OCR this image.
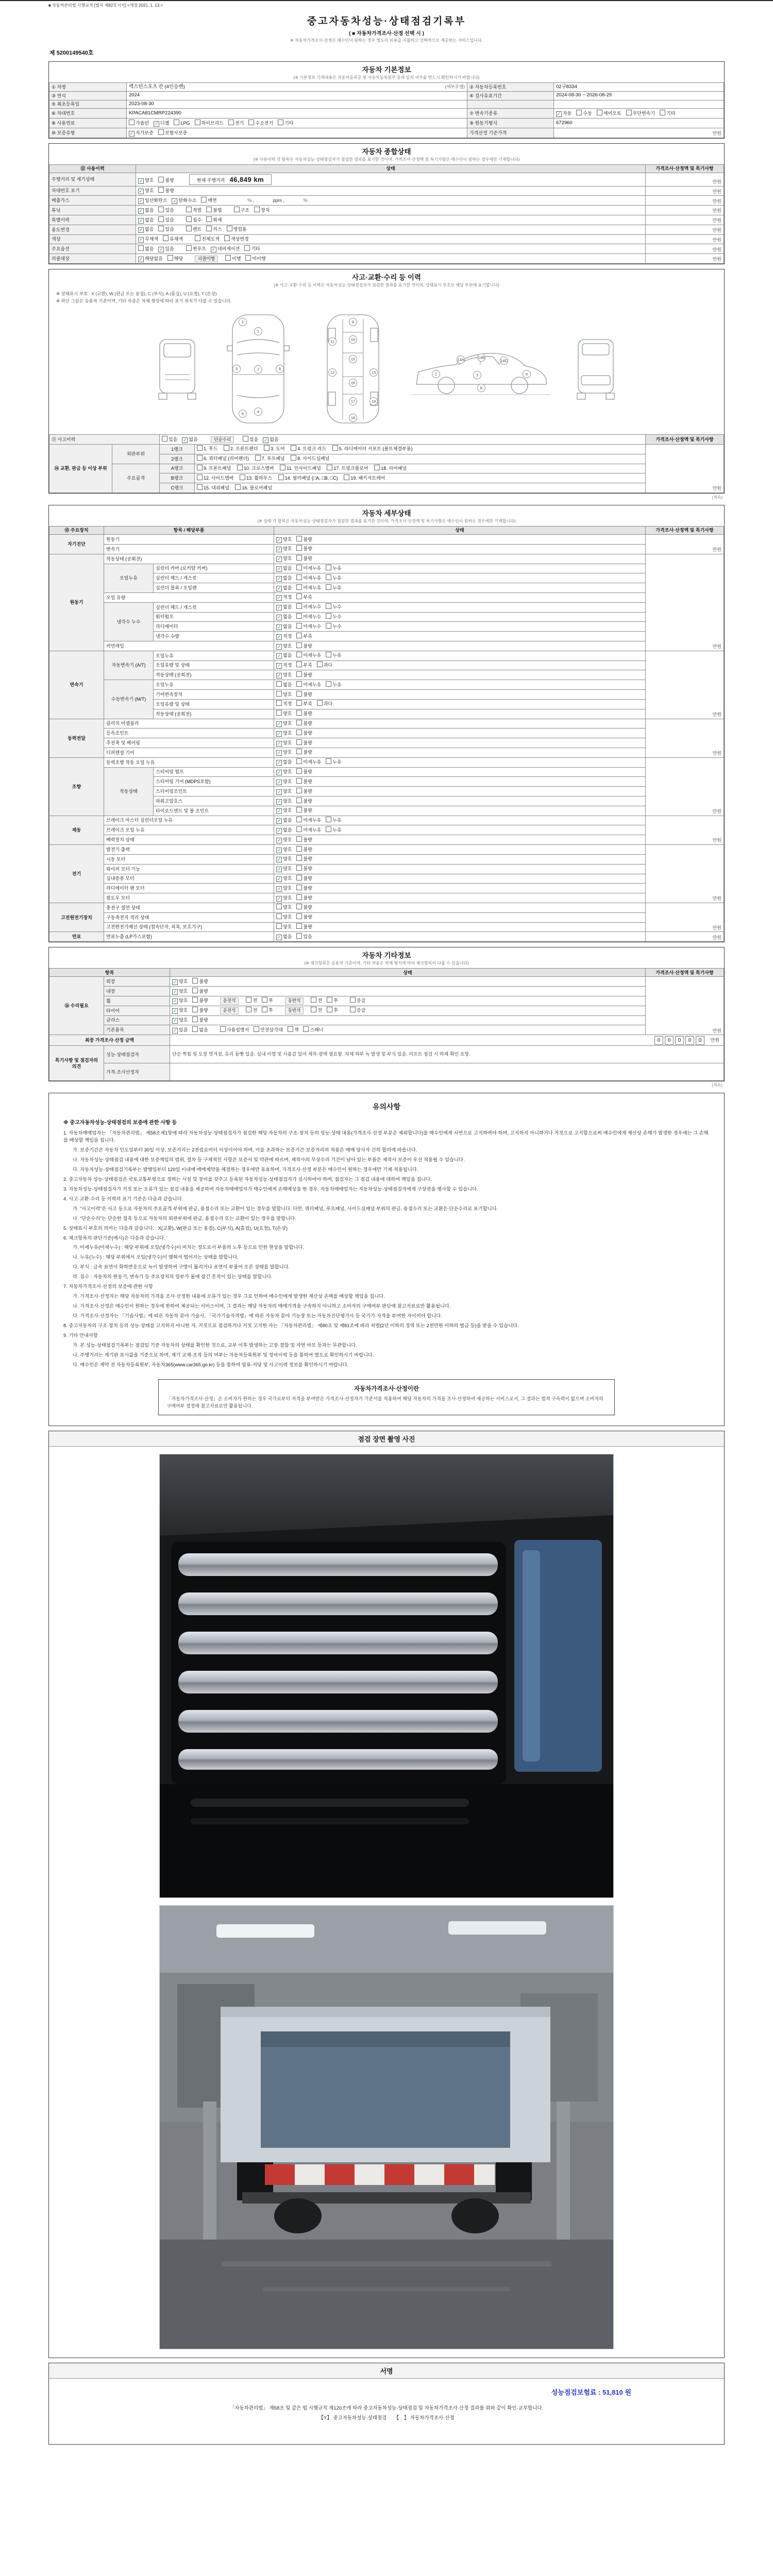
■ 자동차관리법 시행규칙 [별지 제82호서식] <개정 2021. 1. 13.>
중고자동차성능·상태점검기록부
( ■ 자동차가격조사·산정 선택 시 )
※ 자동차가격조사·산정은 매수인이 원하는 경우 별도의 비용을 지불하고 선택적으로 제공받는 서비스입니다.
제 5200149540호
자동차 기본정보
(※ 기본정보 기재내용은 자동차등록증 및 자동차등록원부 등과 일치 여부를 반드시 확인하시기 바랍니다)
① 차명	렉스턴스포츠 칸 (4인승밴) (세부모델)	② 자동차등록번호	02구8334
③ 연식	2024	④ 검사유효기간	2024-08-30 ~ 2026-08-29
⑤ 최초등록일	2023-08-30		
⑥ 차대번호	KPACA81CMRP224390	⑦ 변속기종류	✓ 자동 수동 세미오토 무단변속기 기타
⑧ 사용연료	가솔린 ✓ 디젤 LPG 하이브리드 전기 수소전기 기타	⑨ 원동기형식	672960
⑩ 보증유형	✓ 자가보증 보험사보증	가격산정 기준가격	만원
자동차 종합상태
(※ 사용이력 각 항목은 자동차성능·상태점검자가 점검한 결과를 표기한 것이며, 가격조사·산정액 및 특기사항은 매수인이 원하는 경우에만 기재합니다)
⑫ 사용이력	상태	가격조사·산정액 및 특기사항
주행거리 및 계기상태	✓ 양호 불량 현재 주행거리　46,849 km	만원
차대번호 표기	✓ 양호 불량	만원
배출가스	✓ 일산화탄소 ✓ 탄화수소 매연 　　　　％ ,　　　　ppm ,　　　　％	만원
튜닝	✓ 없음 있음 적법 불법 구조 장치	만원
특별이력	✓ 없음 있음 침수 화재	만원
용도변경	✓ 없음 있음 렌트 리스 영업용	만원
색상	✓ 무채색 유채색 전체도색 색상변경	만원
주요옵션	없음 ✓ 있음 썬루프 ✓ 네비게이션 기타	만원
리콜대상	✓ 해당없음 해당 리콜이행 이행 미이행	만원
사고·교환·수리 등 이력
(※ 사고·교환·수리 등 이력은 자동차성능·상태점검자가 점검한 결과를 표기한 것이며, 상태표시 부호로 해당 부위에 표기합니다)
※ 상태표시 부호 : X (교환), W (판금 또는 용접), C (부식), A (흠집), U (요철), T (손상)
※ 하단 그림은 승용차 기준이며, 기타 차종은 차체 형상에 따라 표기 위치가 다를 수 있습니다.
1
2
3
4
6
7	8
9
10
11
12	13
15
16
17
18
19
2	3	6
8
14A	14B
14C
⑬ 사고이력		있음 ✓ 없음 단순수리 있음 ✓ 없음		가격조사·산정액 및 특기사항
⑭ 교환, 판금 등 이상 부위	외판부위	1랭크	1. 후드 2. 프론트펜더 3. 도어 4. 트렁크 리드 5. 라디에이터 서포트 (볼트체결부품)	만원
		2랭크	6. 쿼터패널 (리어펜더) 7. 루프패널 8. 사이드실패널	
	주요골격	A랭크	9. 프론트패널 10. 크로스멤버 11. 인사이드패널 17. 트렁크플로어 18. 리어패널	
		B랭크	12. 사이드멤버 13. 휠하우스 14. 필러패널 (□A, □B, □C) 19. 패키지트레이	
		C랭크	15. 대쉬패널 16. 플로어패널	
(계속)
자동차 세부상태
(※ 상태 각 항목은 자동차성능·상태점검자가 점검한 결과를 표기한 것이며, 가격조사·산정액 및 특기사항은 매수인이 원하는 경우에만 기재합니다)
⑮ 주요장치	항목 / 해당부품		상태	가격조사·산정액 및 특기사항
자기진단	원동기		✓ 양호 불량	만원
	변속기		✓ 양호 불량	
원동기	작동상태 (공회전)		✓ 양호 불량	만원
	오일누유	실린더 커버 (로커암 커버)	✓ 없음 미세누유 누유	
		실린더 헤드 / 개스킷	✓ 없음 미세누유 누유	
		실린더 블록 / 오일팬	✓ 없음 미세누유 누유	
	오일 유량		✓ 적정 부족	
	냉각수 누수	실린더 헤드 / 개스킷	✓ 없음 미세누수 누수	
		워터펌프	✓ 없음 미세누수 누수	
		라디에이터	✓ 없음 미세누수 누수	
		냉각수 수량	✓ 적정 부족	
	커먼레일		✓ 양호 불량	
변속기	자동변속기 (A/T)	오일누유	✓ 없음 미세누유 누유	만원
		오일유량 및 상태	✓ 적정 부족 과다	
		작동상태 (공회전)	✓ 양호 불량	
	수동변속기 (M/T)	오일누유	없음 미세누유 누유	
		기어변속장치	양호 불량	
		오일유량 및 상태	적정 부족 과다	
		작동상태 (공회전)	양호 불량	
동력전달	클러치 어셈블리		✓ 양호 불량	만원
	등속조인트		✓ 양호 불량	
	추진축 및 베어링		✓ 양호 불량	
	디퍼렌셜 기어		✓ 양호 불량	
조향	동력조향 작동 오일 누유		✓ 없음 미세누유 누유	만원
	작동상태	스티어링 펌프	✓ 양호 불량	
		스티어링 기어 (MDPS포함)	✓ 양호 불량	
		스티어링조인트	✓ 양호 불량	
		파워고압호스	✓ 양호 불량	
		타이로드엔드 및 볼 조인트	✓ 양호 불량	
제동	브레이크 마스터 실린더오일 누유		✓ 없음 미세누유 누유	만원
	브레이크 오일 누유		✓ 없음 미세누유 누유	
	배력장치 상태		✓ 양호 불량	
전기	발전기 출력		✓ 양호 불량	만원
	시동 모터		✓ 양호 불량	
	와이퍼 모터 기능		✓ 양호 불량	
	실내송풍 모터		✓ 양호 불량	
	라디에이터 팬 모터		✓ 양호 불량	
	윈도우 모터		✓ 양호 불량	
고전원전기장치	충전구 절연 상태		양호 불량	만원
	구동축전지 격리 상태		양호 불량	
	고전원전기배선 상태 (접속단자, 피복, 보호기구)		양호 불량	
연료	연료누출 (LP가스포함)		✓ 없음 있음	만원
자동차 기타정보
(※ 체크항목은 승용차 기준이며, 기타 차종은 차체 형식에 따라 체크항목이 다를 수 있습니다)
항목		상태	가격조사·산정액 및 특기사항
⑯ 수리필요	외장	✓ 양호 불량	만원
	내장	✓ 양호 불량	
	휠	✓ 양호 불량 운전석 전 후 동반석 전 후 응급	
	타이어	✓ 양호 불량 운전석 전 후 동반석 전 후 응급	
	글라스	✓ 양호 불량	
	기본품목	✓ 있음 없음 사용설명서 안전삼각대 잭 스패너	
최종 가격조사·산정 금액		0 0 0 0 0 　만원	
특기사항 및 점검자의 의견	성능·상태점검자	단순 찍힘 및 도장 벗겨짐, 유리 돌빵 있음. 실내 이염 및 사용감 있어 세차·광택 필요함. 차체 하부 녹 발생 및 부식 있음. 리프트 점검 시 하체 확인 요망.	
	가격·조사산정자		
(계속)
유의사항
※ 중고자동차성능·상태점검의 보증에 관한 사항 등
1. 자동차매매업자는 「자동차관리법」 제58조제1항에 따라 자동차성능·상태점검자가 점검한 해당 자동차의 구조·장치 등의 성능·상태 내용(가격조사·산정 부분은 제외합니다)을 매수인에게 서면으로 고지하여야 하며, 고지하지 아니하거나 거짓으로 고지함으로써 매수인에게 재산상 손해가 발생한 경우에는 그 손해를 배상할 책임을 집니다.
가. 보증기간은 자동차 인도일부터 30일 이상, 보증거리는 2천킬로미터 이상이어야 하며, 이를 초과하는 보증기간·보증거리의 적용은 매매 당사자 간의 합의에 따릅니다.
나. 자동차성능·상태점검 내용에 대한 보증책임의 범위, 절차 등 구체적인 사항은 보증서 및 약관에 따르며, 제작사의 무상수리 기간이 남아 있는 부품은 제작사 보증이 우선 적용될 수 있습니다.
다. 자동차성능·상태점검기록부는 발행일부터 120일 이내에 매매계약을 체결하는 경우에만 유효하며, 가격조사·산정 부분은 매수인이 원하는 경우에만 기재·적용됩니다.
2. 중고자동차 성능·상태점검은 국토교통부령으로 정하는 시설 및 장비를 갖추고 등록된 자동차성능·상태점검자가 실시하여야 하며, 점검자는 그 점검 내용에 대하여 책임을 집니다.
3. 자동차성능·상태점검자가 거짓 또는 오류가 있는 점검 내용을 제공하여 자동차매매업자가 매수인에게 손해배상을 한 경우, 자동차매매업자는 자동차성능·상태점검자에게 구상권을 행사할 수 있습니다.
4. 사고·교환·수리 등 이력의 표기 기준은 다음과 같습니다.
가. “사고이력”은 사고 등으로 자동차의 주요골격 부위에 판금, 용접수리 또는 교환이 있는 경우를 말합니다. 다만, 쿼터패널, 루프패널, 사이드실패널 부위의 판금, 용접수리 또는 교환은 단순수리로 표기합니다.
나. “단순수리”는 단순한 접촉 등으로 자동차의 외판부위에 판금, 용접수리 또는 교환이 있는 경우를 말합니다.
5. 상태표시 부호의 의미는 다음과 같습니다. : X(교환), W(판금 또는 용접), C(부식), A(흠집), U(요철), T(손상)
6. 체크항목의 판단기준(예시)은 다음과 같습니다.
가. 미세누유(미세누수) : 해당 부위에 오일(냉각수)이 비치는 정도로서 부품의 노후 등으로 인한 현상을 말합니다.
나. 누유(누수) : 해당 부위에서 오일(냉각수)이 맺혀서 떨어지는 상태를 말합니다.
다. 부식 : 금속 표면이 화학반응으로 녹이 발생하여 구멍이 뚫리거나 표면이 부풀어 오른 상태를 말합니다.
라. 침수 : 자동차의 원동기, 변속기 등 주요장치의 일부가 물에 잠긴 흔적이 있는 상태를 말합니다.
7. 자동차가격조사·산정의 보증에 관한 사항
가. 가격조사·산정자는 해당 자동차의 가격을 조사·산정한 내용에 오류가 있는 경우 그로 인하여 매수인에게 발생한 재산상 손해를 배상할 책임을 집니다.
나. 가격조사·산정은 매수인이 원하는 경우에 한하여 제공되는 서비스이며, 그 결과는 해당 자동차의 매매가격을 구속하지 아니하고 소비자의 구매여부 판단에 참고자료로만 활용됩니다.
다. 가격조사·산정자는 「기술사법」에 따른 자동차 분야 기술사, 「국가기술자격법」에 따른 자동차 분야 기능장 또는 자동차진단평가사 등 국가가 자격을 부여한 자이어야 합니다.
8. 중고자동차의 구조·장치 등의 성능·상태를 고지하지 아니한 자, 거짓으로 점검하거나 거짓 고지한 자는 「자동차관리법」 제80조 및 제81조에 따라 처벌(2년 이하의 징역 또는 2천만원 이하의 벌금 등)을 받을 수 있습니다.
9. 기타 안내사항
가. 본 성능·상태점검기록부는 점검일 기준 자동차의 상태를 확인한 것으로, 교부 이후 발생하는 고장·결함 및 자연 마모 등과는 무관합니다.
나. 주행거리는 계기판 표시값을 기준으로 하며, 계기 교체·조작 등의 여부는 자동차등록원부 및 정비이력 등을 통하여 별도로 확인하시기 바랍니다.
다. 매수인은 계약 전 자동차등록원부, 자동차365(www.car365.go.kr) 등을 통하여 압류·저당 및 사고이력 정보를 확인하시기 바랍니다.
자동차가격조사·산정이란
「자동차가격조사·산정」은 소비자가 원하는 경우 국가로부터 자격을 부여받은 가격조사·산정자가 기준서를 적용하여 해당 자동차의 가격을 조사·산정하여 제공하는 서비스로서, 그 결과는 법적 구속력이 없으며 소비자의 구매여부 결정에 참고자료로만 활용됩니다.
점검 장면 촬영 사진
서명
성능점검보험료 : 51,810 원
「자동차관리법」 제58조 및 같은 법 시행규칙 제120조에 따라 중고자동차성능·상태점검 및 자동차가격조사·산정 결과를 위와 같이 확인·교부합니다.
【Y】 중고자동차성능·상태점검　　【　】 자동차가격조사·산정
